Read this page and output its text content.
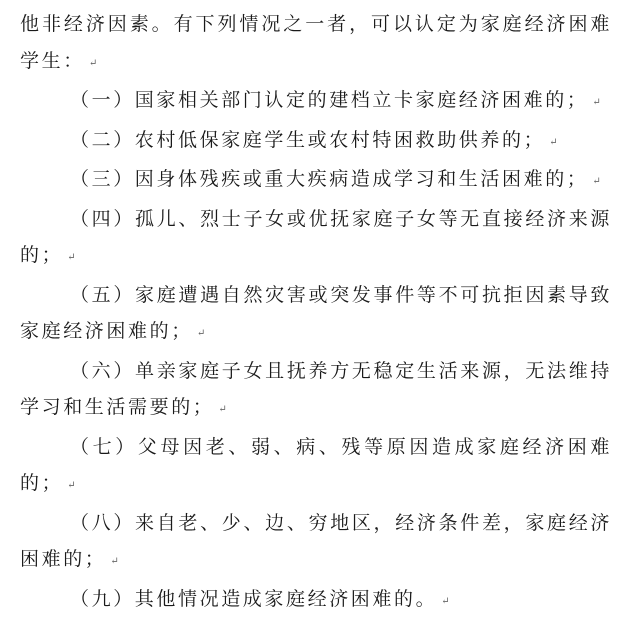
他非经济因素。有下列情况之一者，可以认定为家庭经济困难学生： ↵

（一）国家相关部门认定的建档立卡家庭经济困难的； ↵

（二）农村低保家庭学生或农村特困救助供养的； ↵

（三）因身体残疾或重大疾病造成学习和生活困难的； ↵

（四）孤儿、烈士子女或优抚家庭子女等无直接经济来源的； ↵

（五）家庭遭遇自然灾害或突发事件等不可抗拒因素导致家庭经济困难的； ↵

（六）单亲家庭子女且抚养方无稳定生活来源，无法维持学习和生活需要的； ↵

（七）父母因老、弱、病、残等原因造成家庭经济困难的； ↵

（八）来自老、少、边、穷地区，经济条件差，家庭经济困难的； ↵

（九）其他情况造成家庭经济困难的。 ↵
